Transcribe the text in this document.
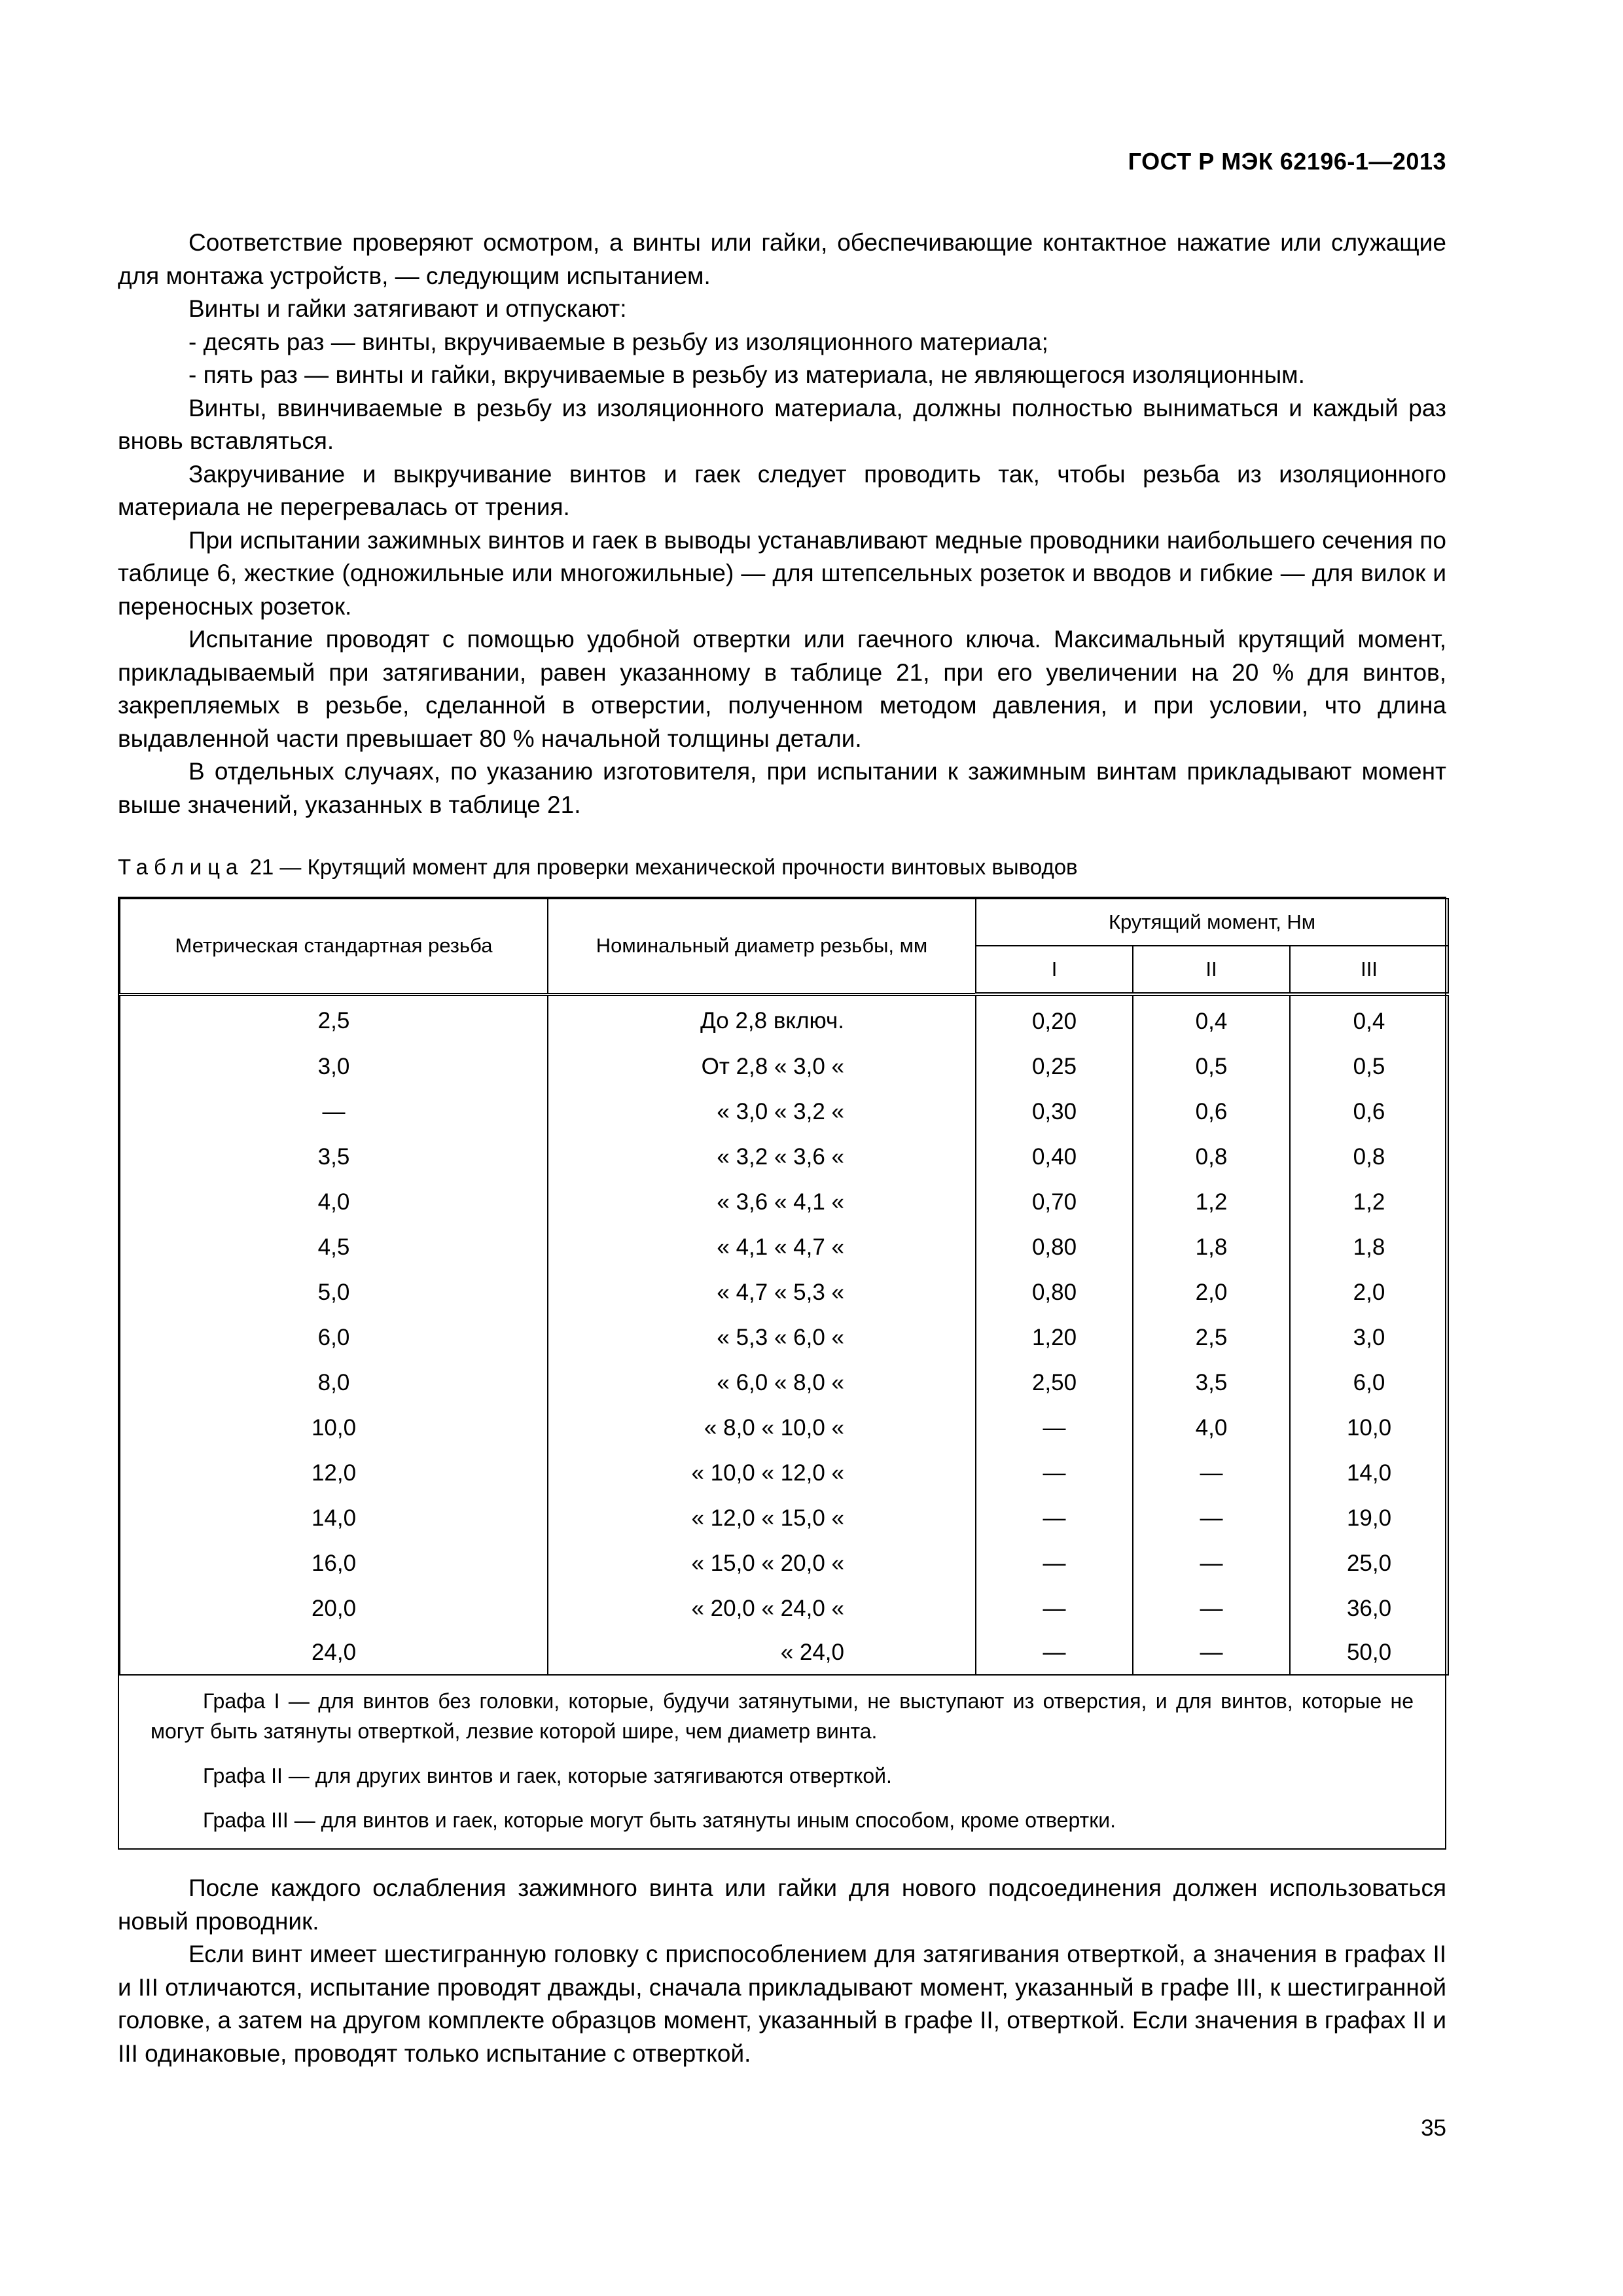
ГОСТ Р МЭК 62196-1—2013

Соответствие проверяют осмотром, а винты или гайки, обеспечивающие контактное нажатие или служащие для монтажа устройств, — следующим испытанием.

Винты и гайки затягивают и отпускают:

- десять раз — винты, вкручиваемые в резьбу из изоляционного материала;

- пять раз — винты и гайки, вкручиваемые в резьбу из материала, не являющегося изоляционным.

Винты, ввинчиваемые в резьбу из изоляционного материала, должны полностью выниматься и каждый раз вновь вставляться.

Закручивание и выкручивание винтов и гаек следует проводить так, чтобы резьба из изоляционного материала не перегревалась от трения.

При испытании зажимных винтов и гаек в выводы устанавливают медные проводники наибольшего сечения по таблице 6, жесткие (одножильные или многожильные) — для штепсельных розеток и вводов и гибкие — для вилок и переносных розеток.

Испытание проводят с помощью удобной отвертки или гаечного ключа. Максимальный крутящий момент, прикладываемый при затягивании, равен указанному в таблице 21, при его увеличении на 20 % для винтов, закрепляемых в резьбе, сделанной в отверстии, полученном методом давления, и при условии, что длина выдавленной части превышает 80 % начальной толщины детали.

В отдельных случаях, по указанию изготовителя, при испытании к зажимным винтам прикладывают момент выше значений, указанных в таблице 21.

Таблица 21 — Крутящий момент для проверки механической прочности винтовых выводов
Метрическая стандартная резьба	Номинальный диаметр резьбы, мм	Крутящий момент, Нм		
		I	II	III
2,5	До 2,8 включ.	0,20	0,4	0,4
3,0	От 2,8 « 3,0 «	0,25	0,5	0,5
—	« 3,0 « 3,2 «	0,30	0,6	0,6
3,5	« 3,2 « 3,6 «	0,40	0,8	0,8
4,0	« 3,6 « 4,1 «	0,70	1,2	1,2
4,5	« 4,1 « 4,7 «	0,80	1,8	1,8
5,0	« 4,7 « 5,3 «	0,80	2,0	2,0
6,0	« 5,3 « 6,0 «	1,20	2,5	3,0
8,0	« 6,0 « 8,0 «	2,50	3,5	6,0
10,0	« 8,0 « 10,0 «	—	4,0	10,0
12,0	« 10,0 « 12,0 «	—	—	14,0
14,0	« 12,0 « 15,0 «	—	—	19,0
16,0	« 15,0 « 20,0 «	—	—	25,0
20,0	« 20,0 « 24,0 «	—	—	36,0
24,0	« 24,0	—	—	50,0

Графа I — для винтов без головки, которые, будучи затянутыми, не выступают из отверстия, и для винтов, которые не могут быть затянуты отверткой, лезвие которой шире, чем диаметр винта.

Графа II — для других винтов и гаек, которые затягиваются отверткой.

Графа III — для винтов и гаек, которые могут быть затянуты иным способом, кроме отвертки.

После каждого ослабления зажимного винта или гайки для нового подсоединения должен использоваться новый проводник.

Если винт имеет шестигранную головку с приспособлением для затягивания отверткой, а значения в графах II и III отличаются, испытание проводят дважды, сначала прикладывают момент, указанный в графе III, к шестигранной головке, а затем на другом комплекте образцов момент, указанный в графе II, отверткой. Если значения в графах II и III одинаковые, проводят только испытание с отверткой.

35
